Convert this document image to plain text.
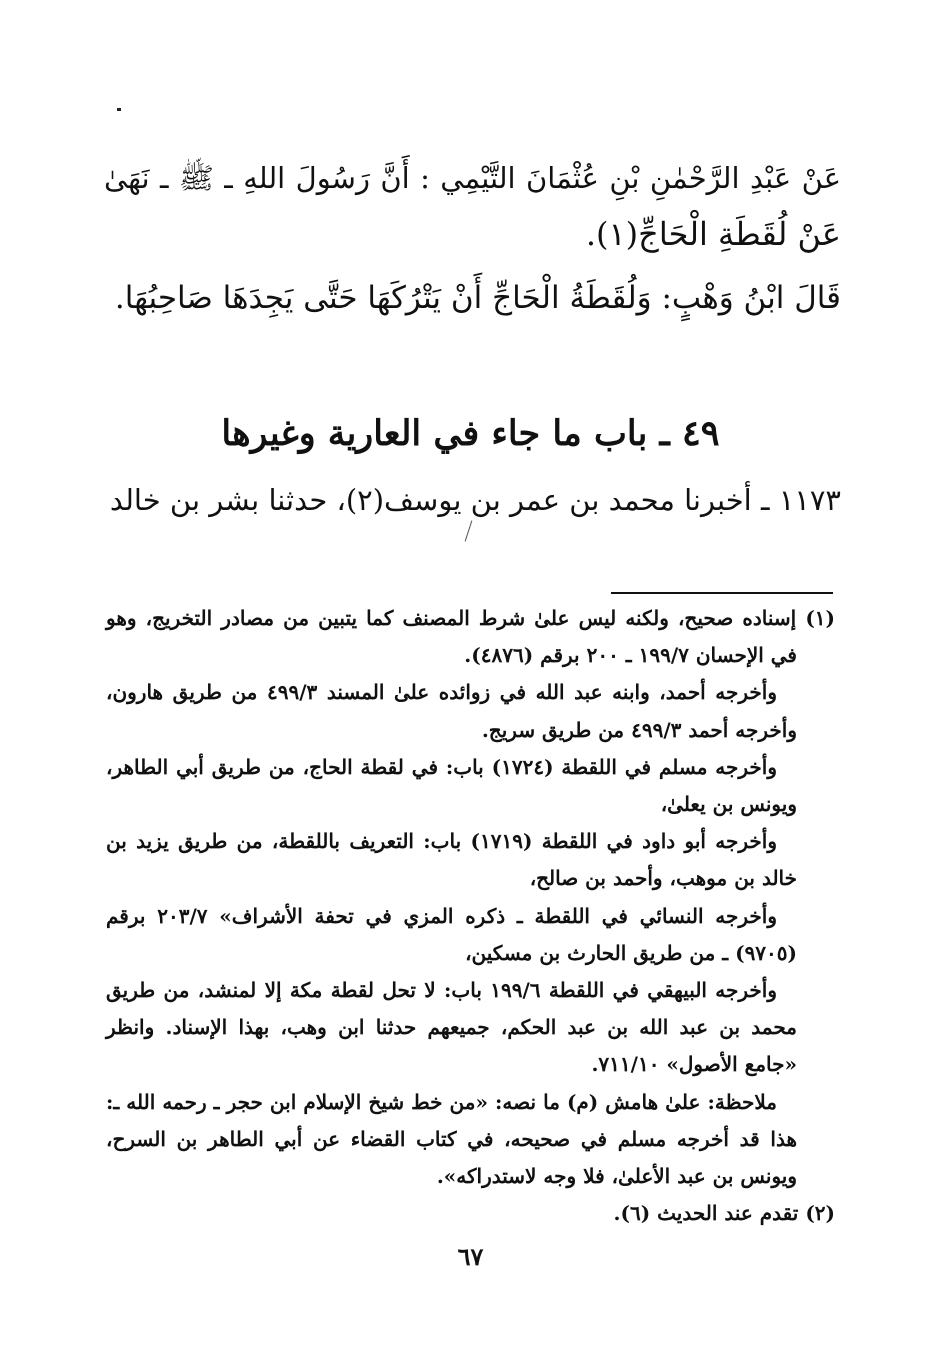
عَنْ عَبْدِ الرَّحْمٰنِ بْنِ عُثْمَانَ التَّيْمِي : أَنَّ رَسُولَ اللهِ ـ ﷺ ـ نَهَىٰ
عَنْ لُقَطَةِ الْحَاجِّ(١).
قَالَ ابْنُ وَهْبٍ: وَلُقَطَةُ الْحَاجِّ أَنْ يَتْرُكَهَا حَتَّى يَجِدَهَا صَاحِبُهَا.
٤٩ ـ باب ما جاء في العارية وغيرها
١١٧٣ ـ أخبرنا محمد بن عمر بن يوسف(٢)، حدثنا بشر بن خالد

(١) إسناده صحيح، ولكنه ليس علىٰ شرط المصنف كما يتبين من مصادر التخريج، وهو في الإحسان ١٩٩/٧ ـ ٢٠٠ برقم (٤٨٧٦).

وأخرجه أحمد، وابنه عبد الله في زوائده علىٰ المسند ٤٩٩/٣ من طريق هارون، وأخرجه أحمد ٤٩٩/٣ من طريق سريج.

وأخرجه مسلم في اللقطة (١٧٢٤) باب: في لقطة الحاج، من طريق أبي الطاهر، ويونس بن يعلىٰ،

وأخرجه أبو داود في اللقطة (١٧١٩) باب: التعريف باللقطة، من طريق يزيد بن خالد بن موهب، وأحمد بن صالح،

وأخرجه النسائي في اللقطة ـ ذكره المزي في تحفة الأشراف» ٢٠٣/٧ برقم (٩٧٠٥) ـ من طريق الحارث بن مسكين،

وأخرجه البيهقي في اللقطة ١٩٩/٦ باب: لا تحل لقطة مكة إلا لمنشد، من طريق محمد بن عبد الله بن عبد الحكم، جميعهم حدثنا ابن وهب، بهذا الإسناد. وانظر «جامع الأصول» ٧١١/١٠.

ملاحظة: علىٰ هامش (م) ما نصه: «من خط شيخ الإسلام ابن حجر ـ رحمه الله ـ: هذا قد أخرجه مسلم في صحيحه، في كتاب القضاء عن أبي الطاهر بن السرح، ويونس بن عبد الأعلىٰ، فلا وجه لاستدراكه».

(٢) تقدم عند الحديث (٦).

٦٧
